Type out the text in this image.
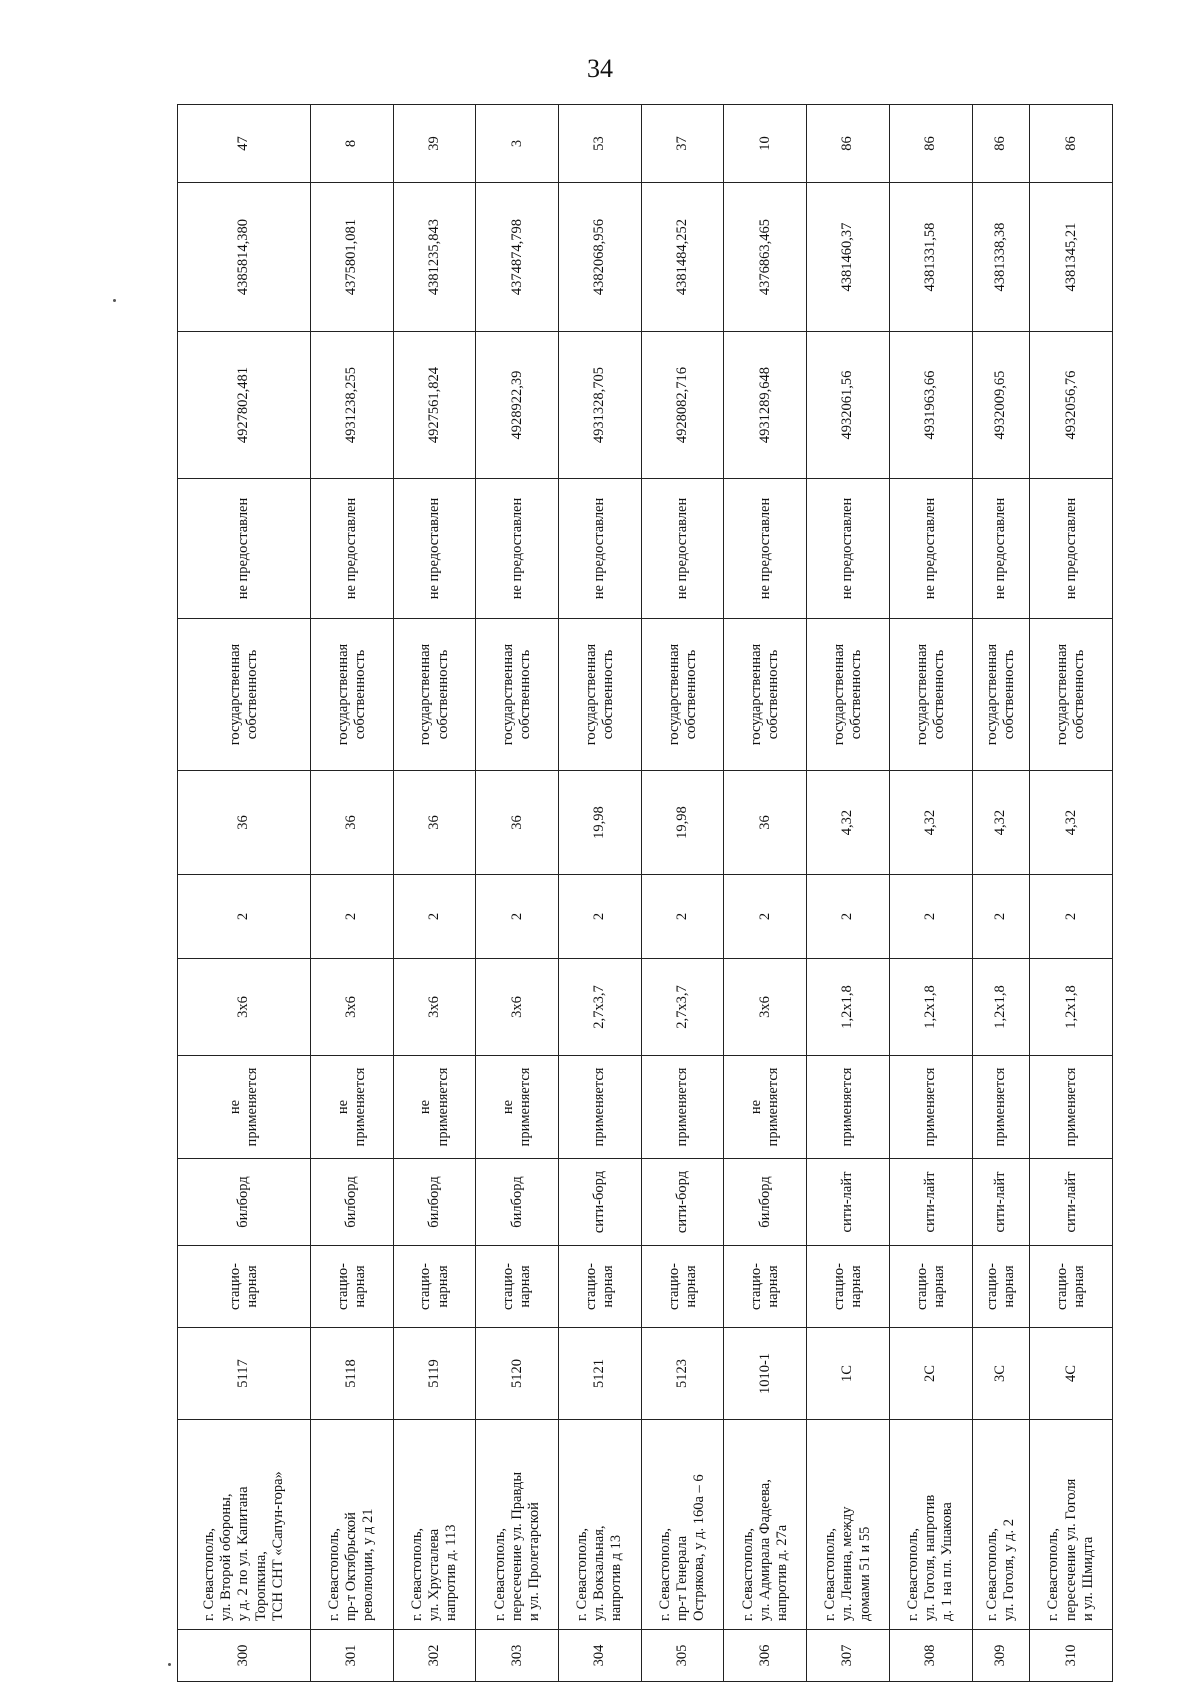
34
300	г. Севастополь,
ул. Второй обороны,
у д. 2 по ул. Капитана
Торопкина,
ТСН СНТ «Сапун-гора»	5117	стацио-
нарная	билборд	не
применяется	3x6	2	36	государственная
собственность	не предоставлен	4927802,481	4385814,380	47
301	г. Севастополь,
пр-т Октябрьской
революции, у д 21	5118	стацио-
нарная	билборд	не
применяется	3x6	2	36	государственная
собственность	не предоставлен	4931238,255	4375801,081	8
302	г. Севастополь,
ул. Хрусталева
напротив д. 113	5119	стацио-
нарная	билборд	не
применяется	3x6	2	36	государственная
собственность	не предоставлен	4927561,824	4381235,843	39
303	г. Севастополь,
пересечение ул. Правды
и ул. Пролетарской	5120	стацио-
нарная	билборд	не
применяется	3x6	2	36	государственная
собственность	не предоставлен	4928922,39	4374874,798	3
304	г. Севастополь,
ул. Вокзальная,
напротив д 13	5121	стацио-
нарная	сити-борд	применяется	2,7x3,7	2	19,98	государственная
собственность	не предоставлен	4931328,705	4382068,956	53
305	г. Севастополь,
пр-т Генерала
Острякова, у д. 160а – 6	5123	стацио-
нарная	сити-борд	применяется	2,7x3,7	2	19,98	государственная
собственность	не предоставлен	4928082,716	4381484,252	37
306	г. Севастополь,
ул. Адмирала Фадеева,
напротив д. 27а	1010-1	стацио-
нарная	билборд	не
применяется	3x6	2	36	государственная
собственность	не предоставлен	4931289,648	4376863,465	10
307	г. Севастополь,
ул. Ленина, между
домами 51 и 55	1С	стацио-
нарная	сити-лайт	применяется	1,2x1,8	2	4,32	государственная
собственность	не предоставлен	4932061,56	4381460,37	86
308	г. Севастополь,
ул. Гоголя, напротив
д. 1 на пл. Ушакова	2С	стацио-
нарная	сити-лайт	применяется	1,2x1,8	2	4,32	государственная
собственность	не предоставлен	4931963,66	4381331,58	86
309	г. Севастополь,
ул. Гоголя, у д. 2	3С	стацио-
нарная	сити-лайт	применяется	1,2x1,8	2	4,32	государственная
собственность	не предоставлен	4932009,65	4381338,38	86
310	г. Севастополь,
пересечение ул. Гоголя
и ул. Шмидта	4С	стацио-
нарная	сити-лайт	применяется	1,2x1,8	2	4,32	государственная
собственность	не предоставлен	4932056,76	4381345,21	86
